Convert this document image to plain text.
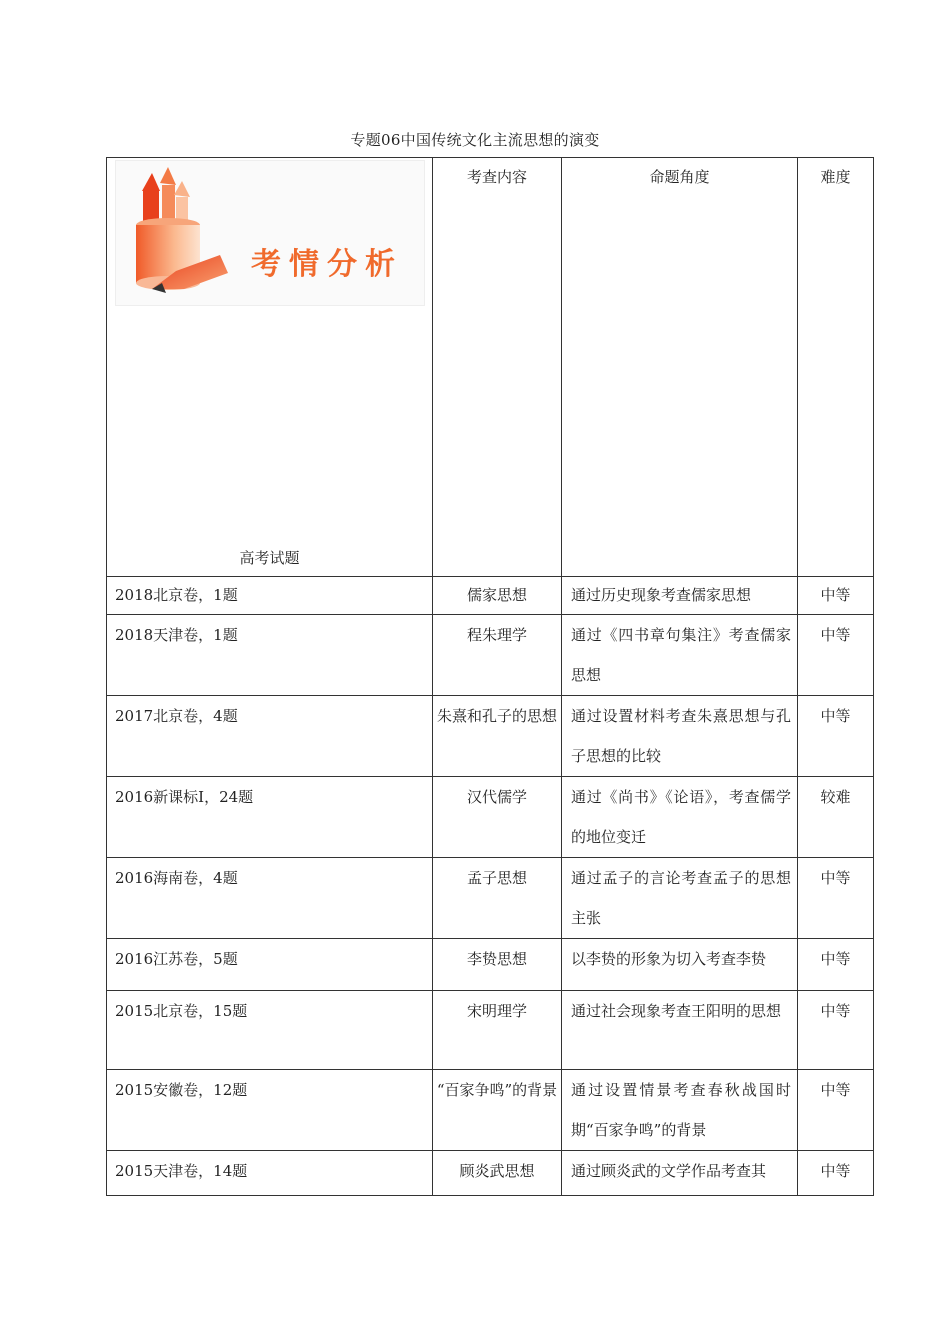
专题06中国传统文化主流思想的演变
考情分析
高考试题	考查内容	命题角度	难度

2018北京卷，1题	儒家思想	通过历史现象考查儒家思想	中等
2018天津卷，1题	程朱理学	通过《四书章句集注》考查儒家思想	中等
2017北京卷，4题	朱熹和孔子的思想	通过设置材料考查朱熹思想与孔子思想的比较	中等
2016新课标Ⅰ，24题	汉代儒学	通过《尚书》《论语》，考查儒学的地位变迁	较难
2016海南卷，4题	孟子思想	通过孟子的言论考查孟子的思想主张	中等
2016江苏卷，5题	李贽思想	以李贽的形象为切入考查李贽	中等
2015北京卷，15题	宋明理学	通过社会现象考查王阳明的思想	中等
2015安徽卷，12题	“百家争鸣”的背景	通过设置情景考查春秋战国时期“百家争鸣”的背景	中等
2015天津卷，14题	顾炎武思想	通过顾炎武的文学作品考查其	中等
